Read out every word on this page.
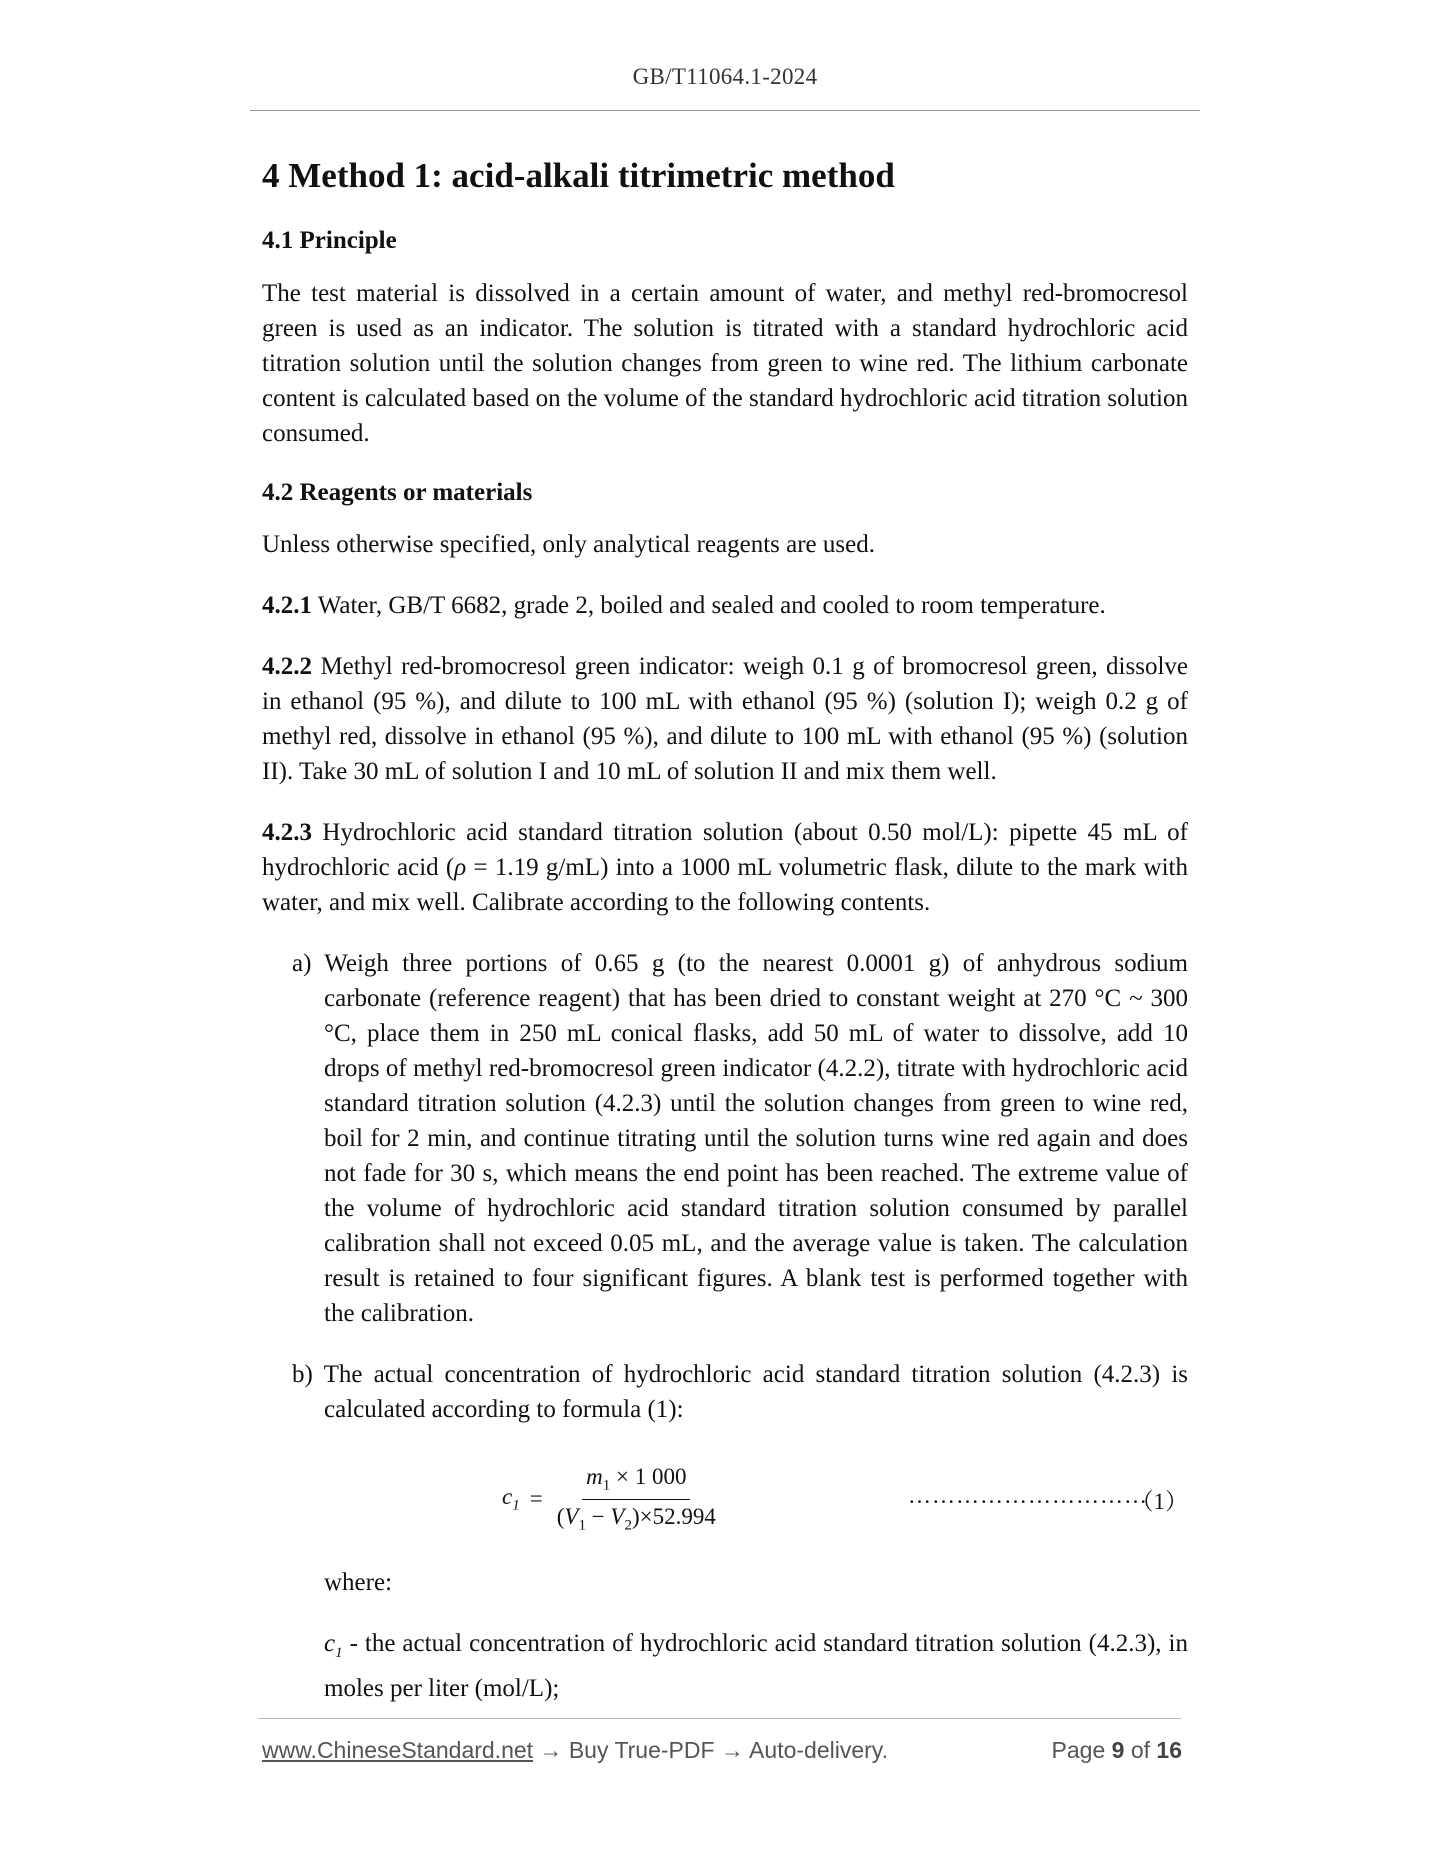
GB/T11064.1-2024
4 Method 1: acid-alkali titrimetric method
4.1 Principle

The test material is dissolved in a certain amount of water, and methyl red-bromocresol green is used as an indicator. The solution is titrated with a standard hydrochloric acid titration solution until the solution changes from green to wine red. The lithium carbonate content is calculated based on the volume of the standard hydrochloric acid titration solution consumed.

4.2 Reagents or materials

Unless otherwise specified, only analytical reagents are used.

4.2.1 Water, GB/T 6682, grade 2, boiled and sealed and cooled to room temperature.

4.2.2 Methyl red-bromocresol green indicator: weigh 0.1 g of bromocresol green, dissolve in ethanol (95 %), and dilute to 100 mL with ethanol (95 %) (solution I); weigh 0.2 g of methyl red, dissolve in ethanol (95 %), and dilute to 100 mL with ethanol (95 %) (solution II). Take 30 mL of solution I and 10 mL of solution II and mix them well.

4.2.3 Hydrochloric acid standard titration solution (about 0.50 mol/L): pipette 45 mL of hydrochloric acid (ρ = 1.19 g/mL) into a 1000 mL volumetric flask, dilute to the mark with water, and mix well. Calibrate according to the following contents.

a) Weigh three portions of 0.65 g (to the nearest 0.0001 g) of anhydrous sodium carbonate (reference reagent) that has been dried to constant weight at 270 °C ~ 300 °C, place them in 250 mL conical flasks, add 50 mL of water to dissolve, add 10 drops of methyl red-bromocresol green indicator (4.2.2), titrate with hydrochloric acid standard titration solution (4.2.3) until the solution changes from green to wine red, boil for 2 min, and continue titrating until the solution turns wine red again and does not fade for 30 s, which means the end point has been reached. The extreme value of the volume of hydrochloric acid standard titration solution consumed by parallel calibration shall not exceed 0.05 mL, and the average value is taken. The calculation result is retained to four significant figures. A blank test is performed together with the calibration.
b) The actual concentration of hydrochloric acid standard titration solution (4.2.3) is calculated according to formula (1):
$c_1 = \frac{m_1 \times 1 000}{(V_1 - V_2)\times 52.994}$	…………………………
（1）

where:

$c_1$ - the actual concentration of hydrochloric acid standard titration solution (4.2.3), in moles per liter (mol/L);

www.ChineseStandard.net → Buy True-PDF → Auto-delivery.	Page 9 of 16
